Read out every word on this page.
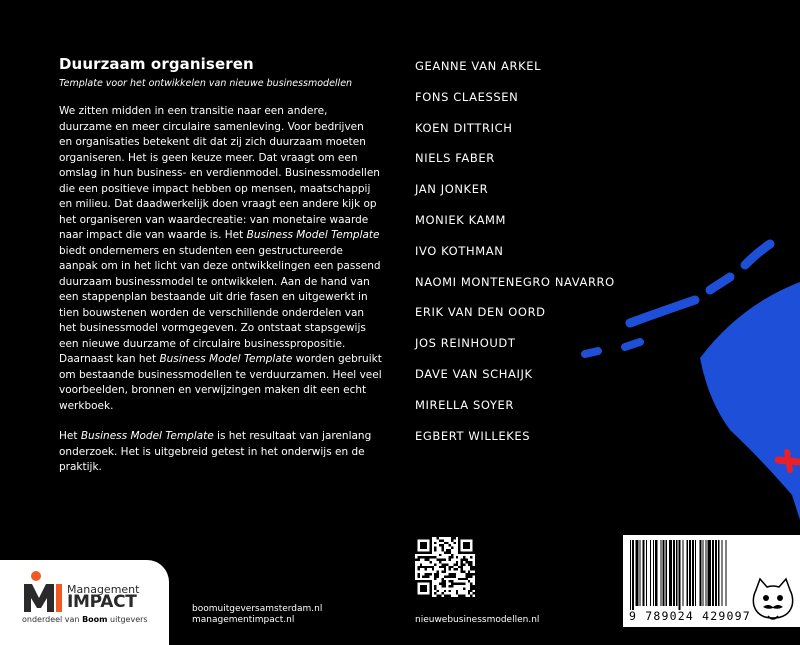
Duurzaam organiseren
Template voor het ontwikkelen van nieuwe businessmodellen
We zitten midden in een transitie naar een andere,
duurzame en meer circulaire samenleving. Voor bedrijven
en organisaties betekent dit dat zij zich duurzaam moeten
organiseren. Het is geen keuze meer. Dat vraagt om een
omslag in hun business- en verdienmodel. Businessmodellen
die een positieve impact hebben op mensen, maatschappij
en milieu. Dat daadwerkelijk doen vraagt een andere kijk op
het organiseren van waardecreatie: van monetaire waarde
naar impact die van waarde is. Het Business Model Template
biedt ondernemers en studenten een gestructureerde
aanpak om in het licht van deze ontwikkelingen een passend
duurzaam businessmodel te ontwikkelen. Aan de hand van
een stappenplan bestaande uit drie fasen en uitgewerkt in
tien bouwstenen worden de verschillende onderdelen van
het businessmodel vormgegeven. Zo ontstaat stapsgewijs
een nieuwe duurzame of circulaire businesspropositie.
Daarnaast kan het Business Model Template worden gebruikt
om bestaande businessmodellen te verduurzamen. Heel veel
voorbeelden, bronnen en verwijzingen maken dit een echt
werkboek.
Het Business Model Template is het resultaat van jarenlang
onderzoek. Het is uitgebreid getest in het onderwijs en de
praktijk.
GEANNE VAN ARKEL
FONS CLAESSEN
KOEN DITTRICH
NIELS FABER
JAN JONKER
MONIEK KAMM
IVO KOTHMAN
NAOMI MONTENEGRO NAVARRO
ERIK VAN DEN OORD
JOS REINHOUDT
DAVE VAN SCHAIJK
MIRELLA SOYER
EGBERT WILLEKES
Management
IMPACT
onderdeel van Boom uitgevers
boomuitgeversamsterdam.nl
managementimpact.nl	nieuwebusinessmodellen.nl	9 789024 429097
